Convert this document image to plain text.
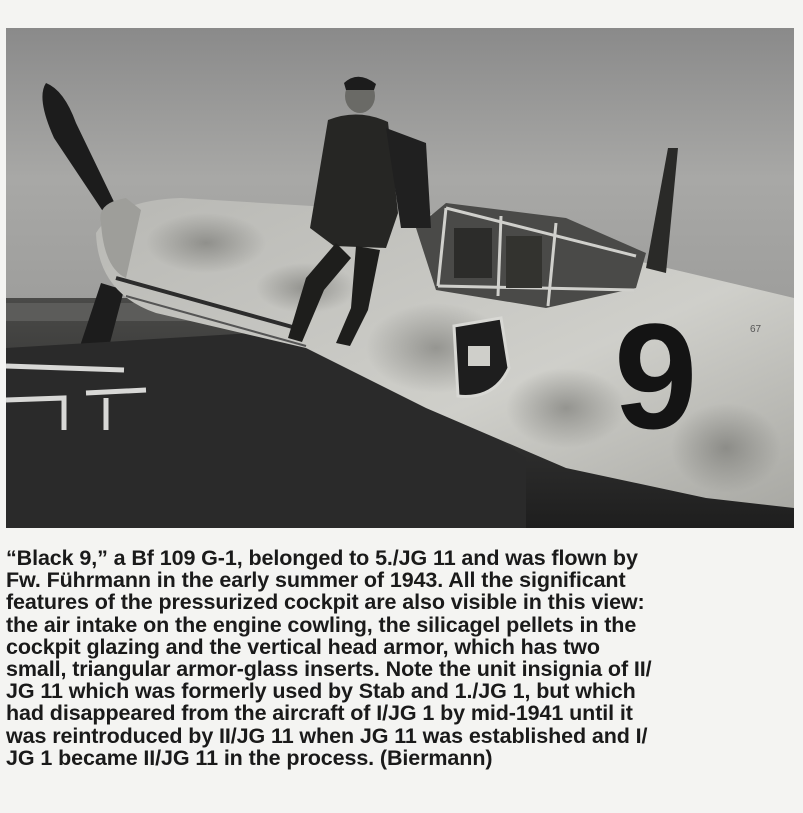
9	67

“Black 9,” a Bf 109 G-1, belonged to 5./JG 11 and was flown by
Fw. Führmann in the early summer of 1943. All the significant
features of the pressurized cockpit are also visible in this view:
the air intake on the engine cowling, the silicagel pellets in the
cockpit glazing and the vertical head armor, which has two
small, triangular armor-glass inserts. Note the unit insignia of II/
JG 11 which was formerly used by Stab and 1./JG 1, but which
had disappeared from the aircraft of I/JG 1 by mid-1941 until it
was reintroduced by II/JG 11 when JG 11 was established and I/
JG 1 became II/JG 11 in the process. (Biermann)
